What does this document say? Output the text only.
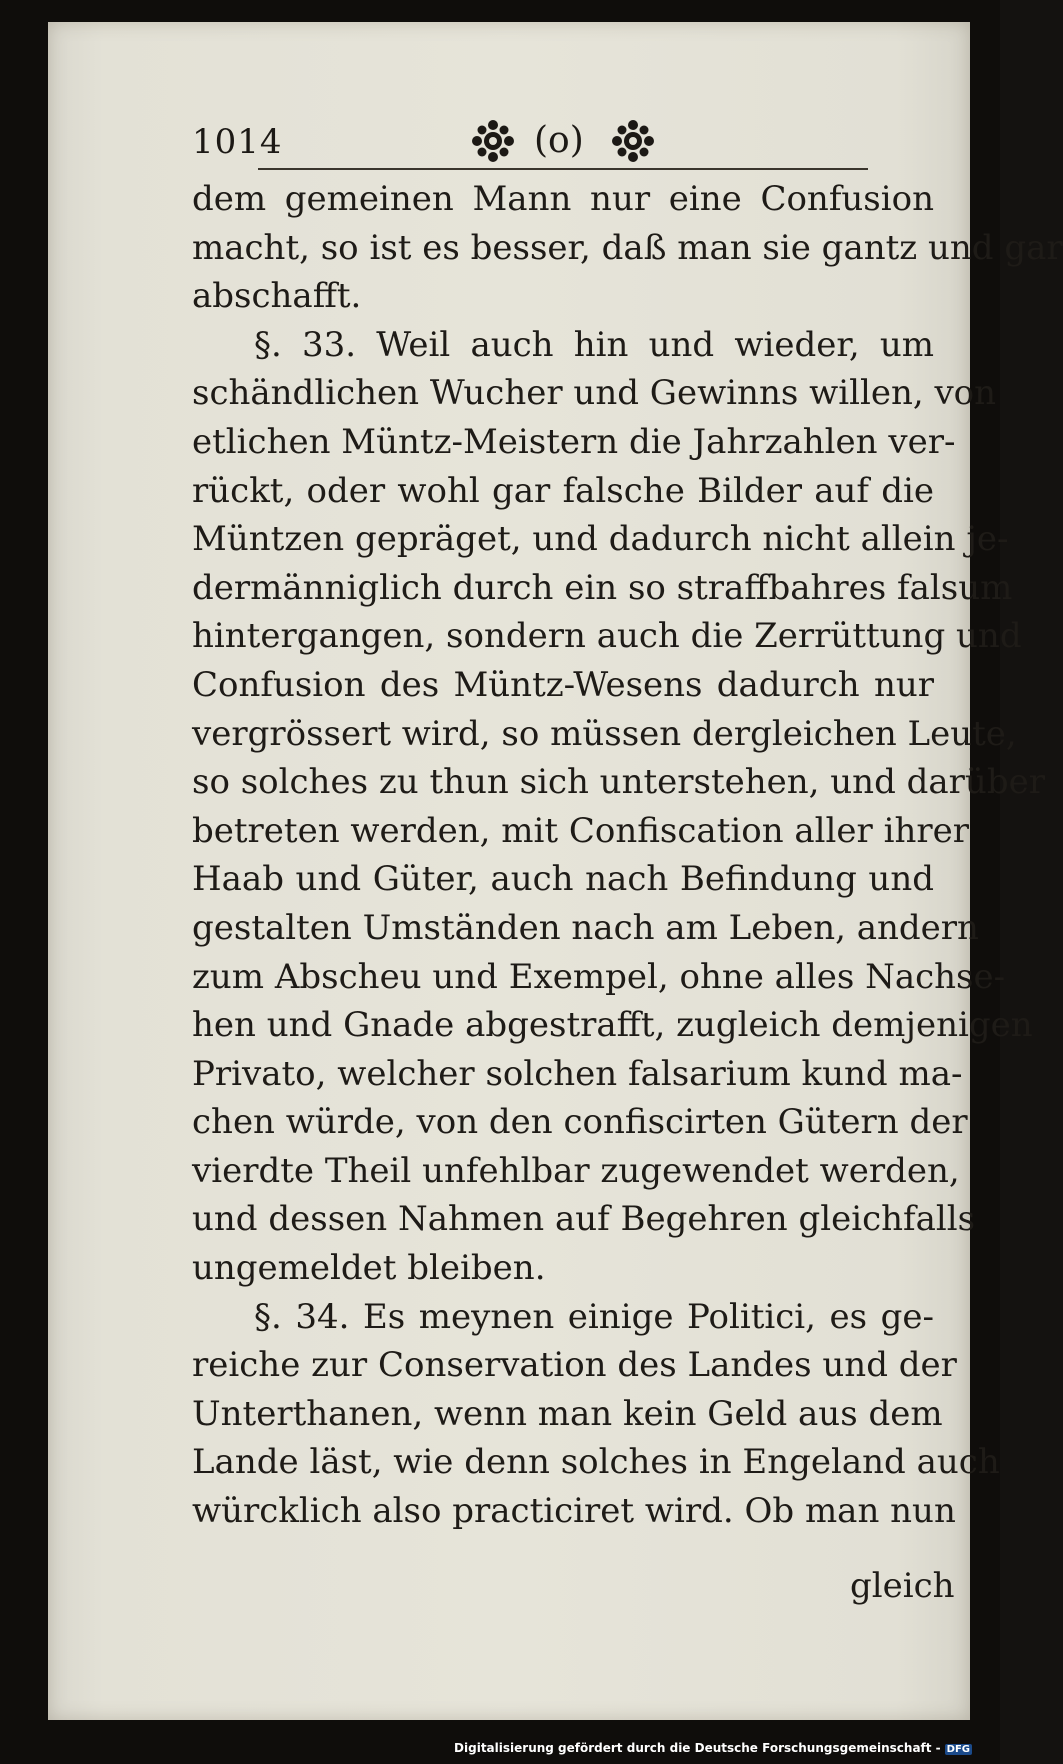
1014	(o)
dem gemeinen Mann nur eine Confusion
macht, so ist es besser, daß man sie gantz und gar
abschafft.
§. 33. Weil auch hin und wieder, um
schändlichen Wucher und Gewinns willen, von
etlichen Müntz-Meistern die Jahrzahlen ver-
rückt, oder wohl gar falsche Bilder auf die
Müntzen gepräget, und dadurch nicht allein je-
dermänniglich durch ein so straffbahres falsum
hintergangen, sondern auch die Zerrüttung und
Confusion des Müntz-Wesens dadurch nur
vergrössert wird, so müssen dergleichen Leute,
so solches zu thun sich unterstehen, und darüber
betreten werden, mit Confiscation aller ihrer
Haab und Güter, auch nach Befindung und
gestalten Umständen nach am Leben, andern
zum Abscheu und Exempel, ohne alles Nachse-
hen und Gnade abgestrafft, zugleich demjenigen
Privato, welcher solchen falsarium kund ma-
chen würde, von den confiscirten Gütern der
vierdte Theil unfehlbar zugewendet werden,
und dessen Nahmen auf Begehren gleichfalls
ungemeldet bleiben.
§. 34. Es meynen einige Politici, es ge-
reiche zur Conservation des Landes und der
Unterthanen, wenn man kein Geld aus dem
Lande läst, wie denn solches in Engeland auch
würcklich also practiciret wird. Ob man nun
gleich
Digitalisierung gefördert durch die Deutsche Forschungsgemeinschaft - DFG
